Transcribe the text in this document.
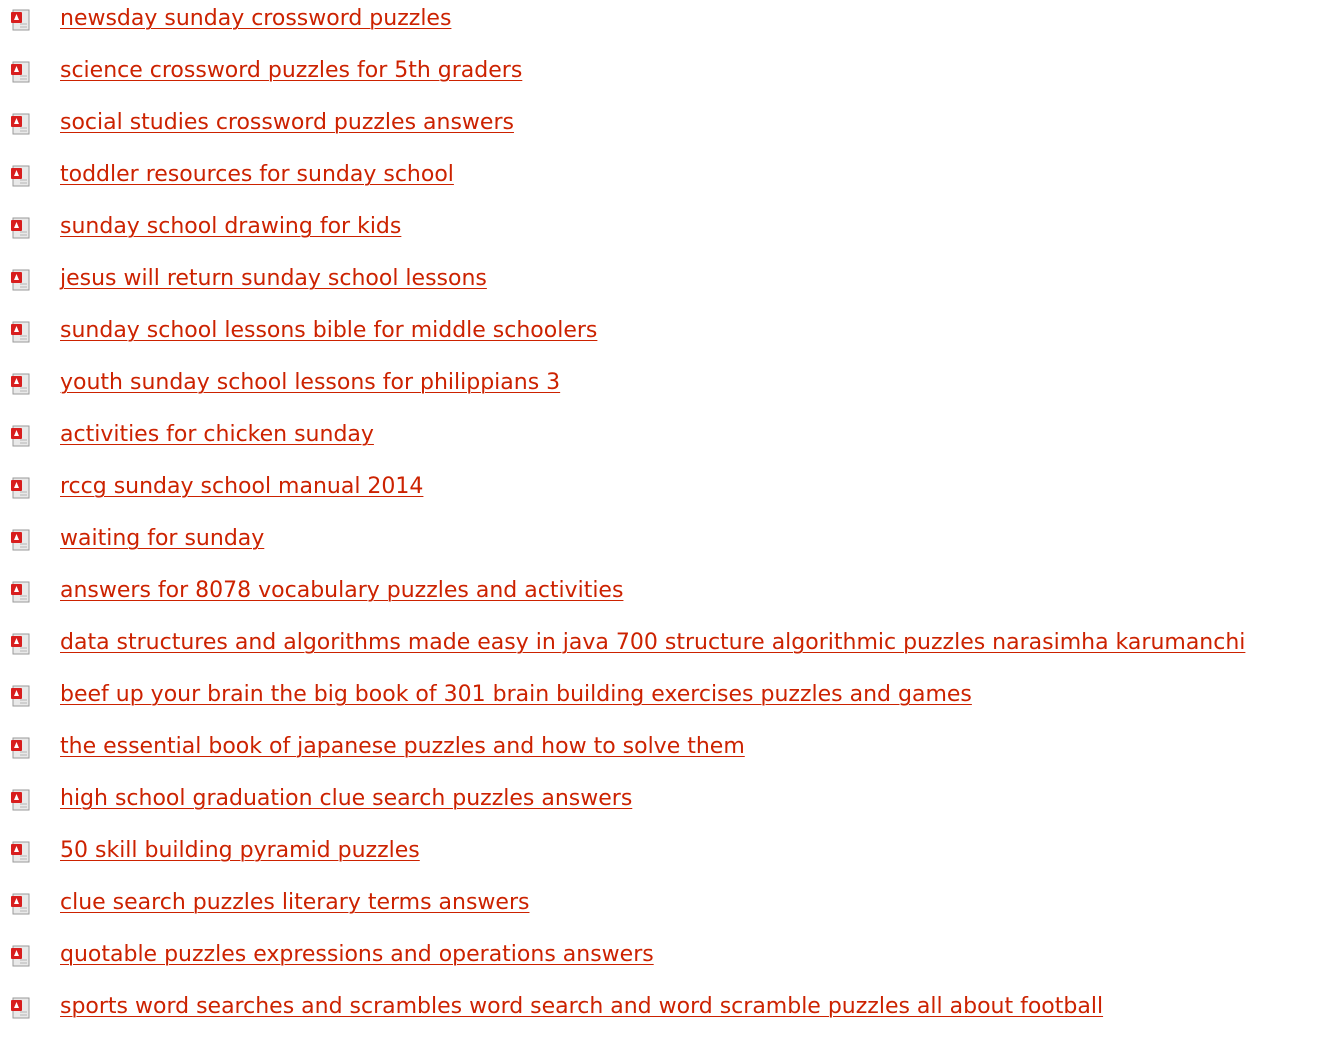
newsday sunday crossword puzzles
science crossword puzzles for 5th graders
social studies crossword puzzles answers
toddler resources for sunday school
sunday school drawing for kids
jesus will return sunday school lessons
sunday school lessons bible for middle schoolers
youth sunday school lessons for philippians 3
activities for chicken sunday
rccg sunday school manual 2014
waiting for sunday
answers for 8078 vocabulary puzzles and activities
data structures and algorithms made easy in java 700 structure algorithmic puzzles narasimha karumanchi
beef up your brain the big book of 301 brain building exercises puzzles and games
the essential book of japanese puzzles and how to solve them
high school graduation clue search puzzles answers
50 skill building pyramid puzzles
clue search puzzles literary terms answers
quotable puzzles expressions and operations answers
sports word searches and scrambles word search and word scramble puzzles all about football
